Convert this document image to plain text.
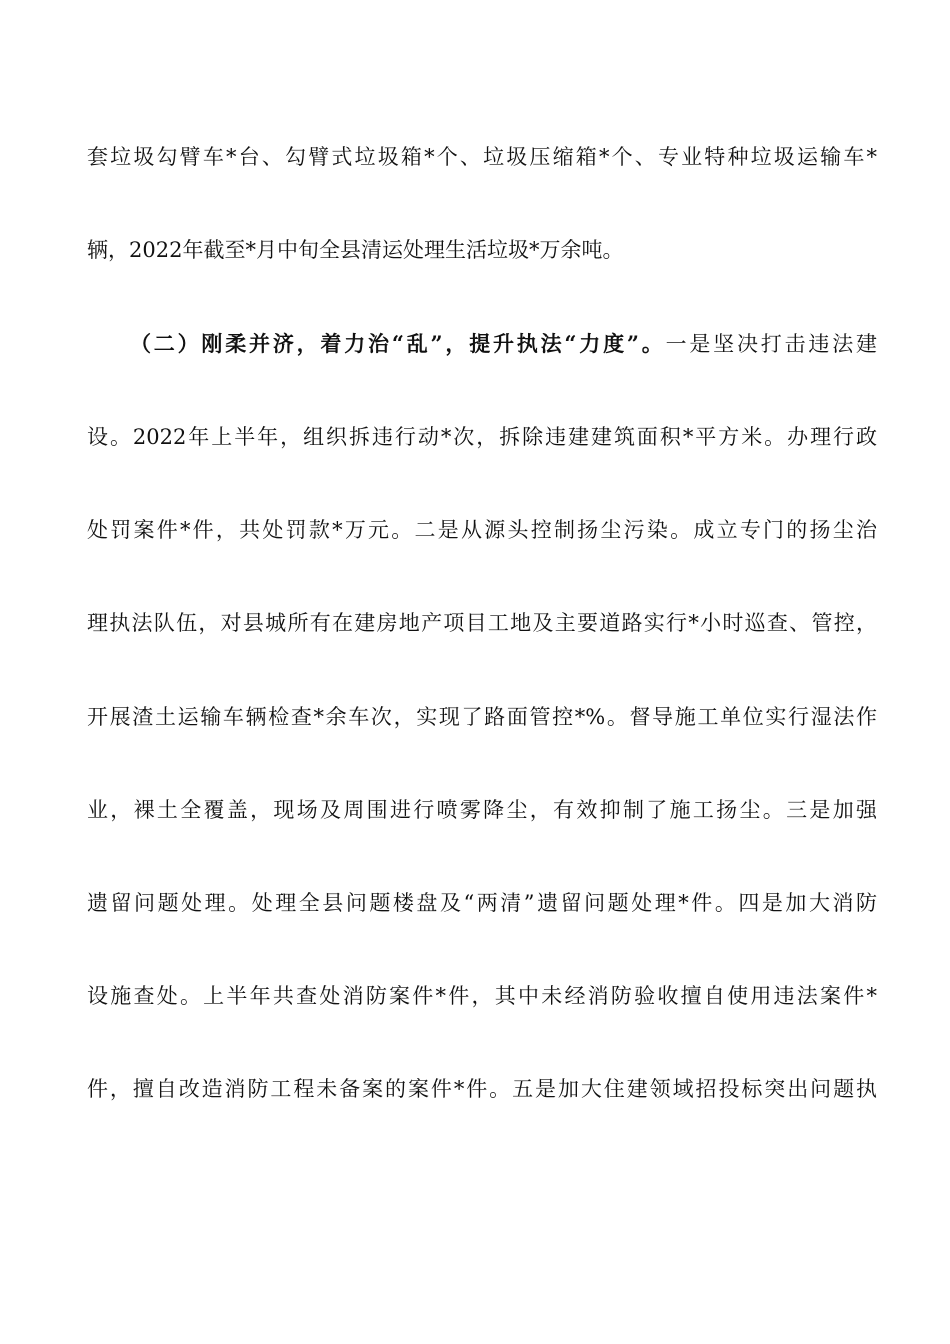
套垃圾勾臂车*台、勾臂式垃圾箱*个、垃圾压缩箱*个、专业特种垃圾运输车*
辆，2022年截至*月中旬全县清运处理生活垃圾*万余吨。
（二）刚柔并济，着力治“乱”，提升执法“力度”。一是坚决打击违法建
设。2022年上半年，组织拆违行动*次，拆除违建建筑面积*平方米。办理行政
处罚案件*件，共处罚款*万元。二是从源头控制扬尘污染。成立专门的扬尘治
理执法队伍，对县城所有在建房地产项目工地及主要道路实行*小时巡查、管控，
开展渣土运输车辆检查*余车次，实现了路面管控*%。督导施工单位实行湿法作
业，裸土全覆盖，现场及周围进行喷雾降尘，有效抑制了施工扬尘。三是加强
遗留问题处理。处理全县问题楼盘及“两清”遗留问题处理*件。四是加大消防
设施查处。上半年共查处消防案件*件，其中未经消防验收擅自使用违法案件*
件，擅自改造消防工程未备案的案件*件。五是加大住建领域招投标突出问题执
